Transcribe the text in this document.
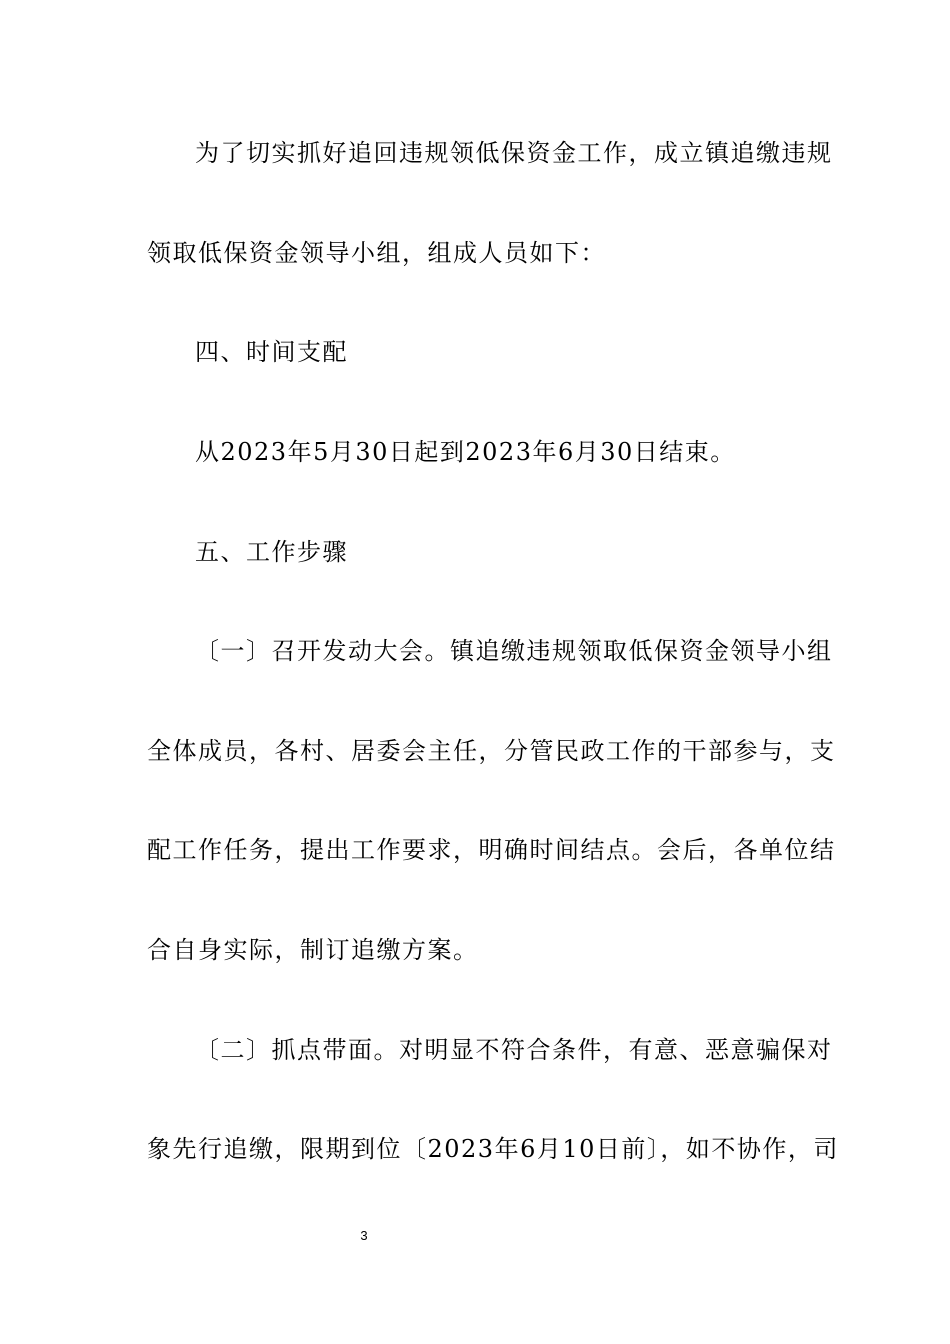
为了切实抓好追回违规领低保资金工作，成立镇追缴违规
领取低保资金领导小组，组成人员如下：
四、时间支配
从2023年5月30日起到2023年6月30日结束。
五、工作步骤
〔一〕召开发动大会。镇追缴违规领取低保资金领导小组
全体成员，各村、居委会主任，分管民政工作的干部参与，支
配工作任务，提出工作要求，明确时间结点。会后，各单位结
合自身实际，制订追缴方案。
〔二〕抓点带面。对明显不符合条件，有意、恶意骗保对
象先行追缴，限期到位〔2023年6月10日前〕，如不协作，司
3
